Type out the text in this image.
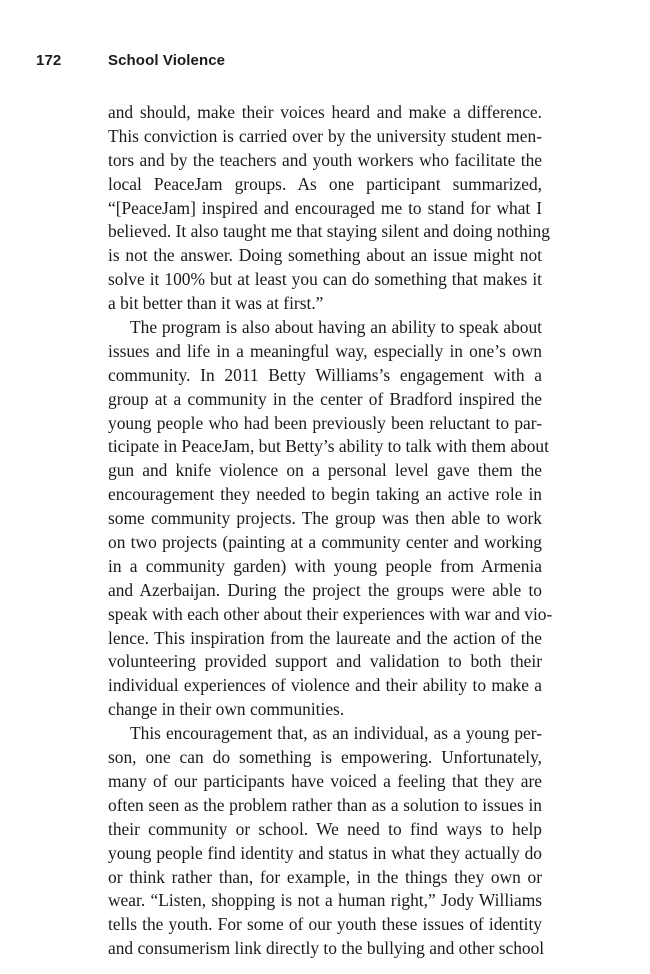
172	School Violence
and should, make their voices heard and make a difference.
This conviction is carried over by the university student men-
tors and by the teachers and youth workers who facilitate the
local PeaceJam groups. As one participant summarized,
“[PeaceJam] inspired and encouraged me to stand for what I
believed. It also taught me that staying silent and doing nothing
is not the answer. Doing something about an issue might not
solve it 100% but at least you can do something that makes it
a bit better than it was at first.”
The program is also about having an ability to speak about
issues and life in a meaningful way, especially in one’s own
community. In 2011 Betty Williams’s engagement with a
group at a community in the center of Bradford inspired the
young people who had been previously been reluctant to par-
ticipate in PeaceJam, but Betty’s ability to talk with them about
gun and knife violence on a personal level gave them the
encouragement they needed to begin taking an active role in
some community projects. The group was then able to work
on two projects (painting at a community center and working
in a community garden) with young people from Armenia
and Azerbaijan. During the project the groups were able to
speak with each other about their experiences with war and vio-
lence. This inspiration from the laureate and the action of the
volunteering provided support and validation to both their
individual experiences of violence and their ability to make a
change in their own communities.
This encouragement that, as an individual, as a young per-
son, one can do something is empowering. Unfortunately,
many of our participants have voiced a feeling that they are
often seen as the problem rather than as a solution to issues in
their community or school. We need to find ways to help
young people find identity and status in what they actually do
or think rather than, for example, in the things they own or
wear. “Listen, shopping is not a human right,” Jody Williams
tells the youth. For some of our youth these issues of identity
and consumerism link directly to the bullying and other school
